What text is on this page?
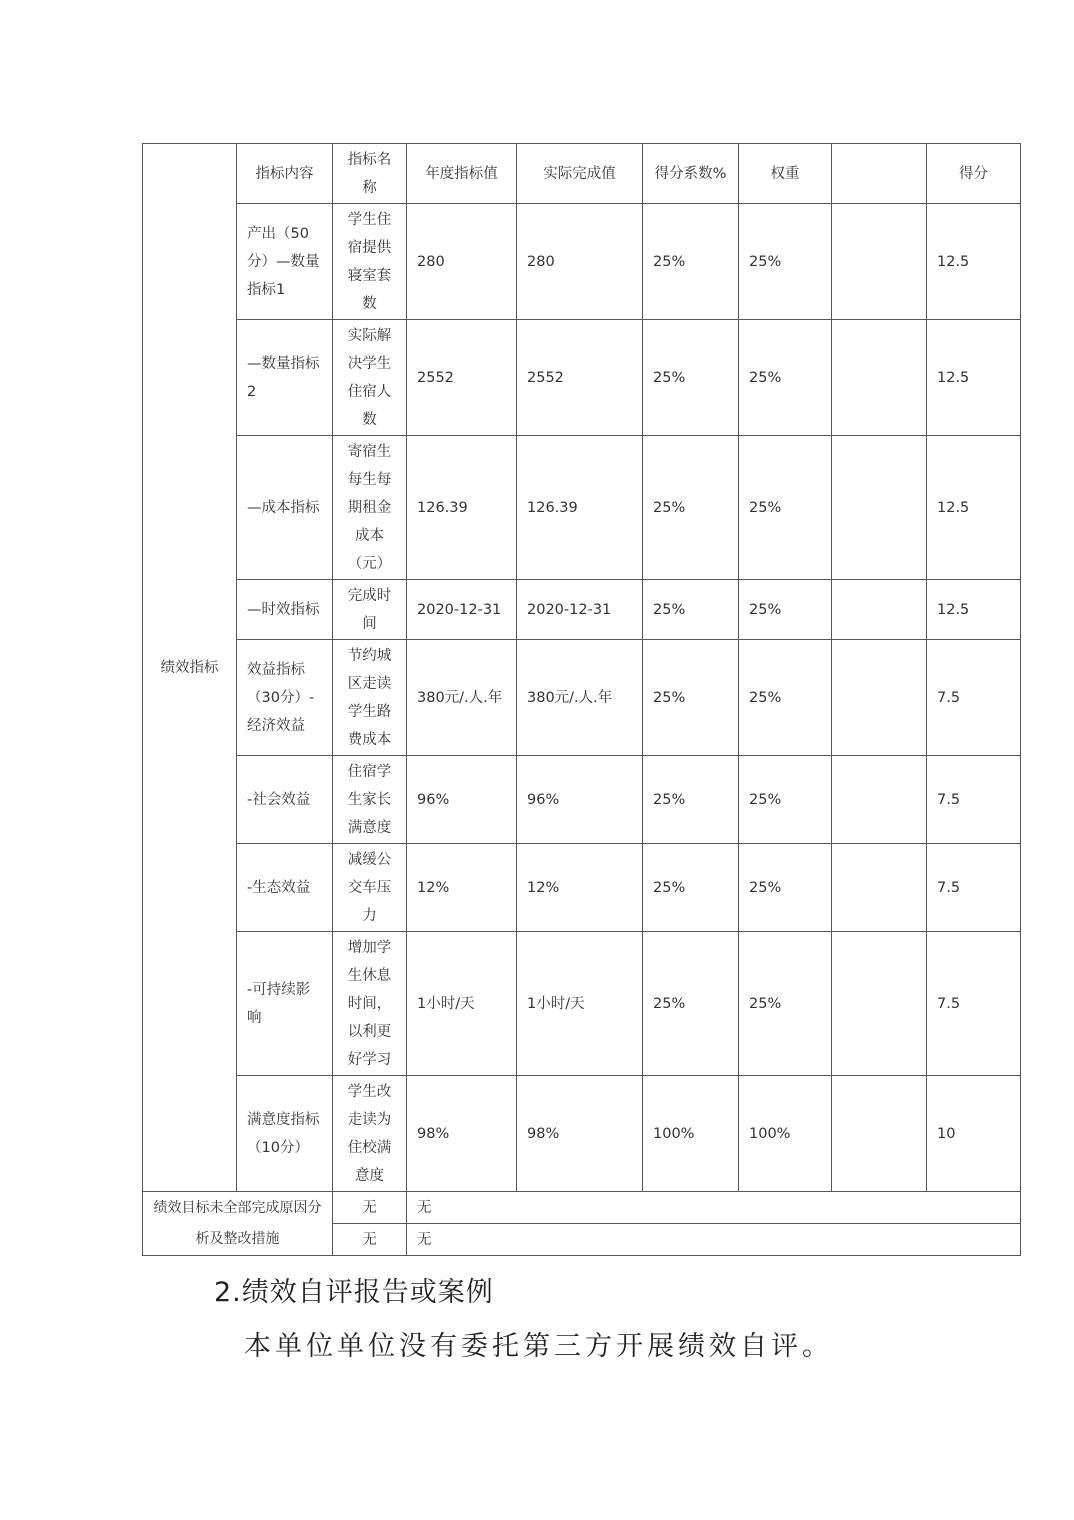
绩效指标	指标内容	指标名称	年度指标值	实际完成值	得分系数%	权重		得分
	产出（50分）—数量指标1	学生住宿提供寝室套数	280	280	25%	25%		12.5
	—数量指标2	实际解决学生住宿人数	2552	2552	25%	25%		12.5
	—成本指标	寄宿生每生每期租金成本（元）	126.39	126.39	25%	25%		12.5
	—时效指标	完成时间	2020-12-31	2020-12-31	25%	25%		12.5
	效益指标（30分）-经济效益	节约城区走读学生路费成本	380元/.人.年	380元/.人.年	25%	25%		7.5
	-社会效益	住宿学生家长满意度	96%	96%	25%	25%		7.5
	-生态效益	减缓公交车压力	12%	12%	25%	25%		7.5
	-可持续影响	增加学生休息时间，以利更好学习	1小时/天	1小时/天	25%	25%		7.5
	满意度指标（10分）	学生改走读为住校满意度	98%	98%	100%	100%		10
绩效目标未全部完成原因分析及整改措施		无	无					
		无	无					
2.绩效自评报告或案例
本单位单位没有委托第三方开展绩效自评。
